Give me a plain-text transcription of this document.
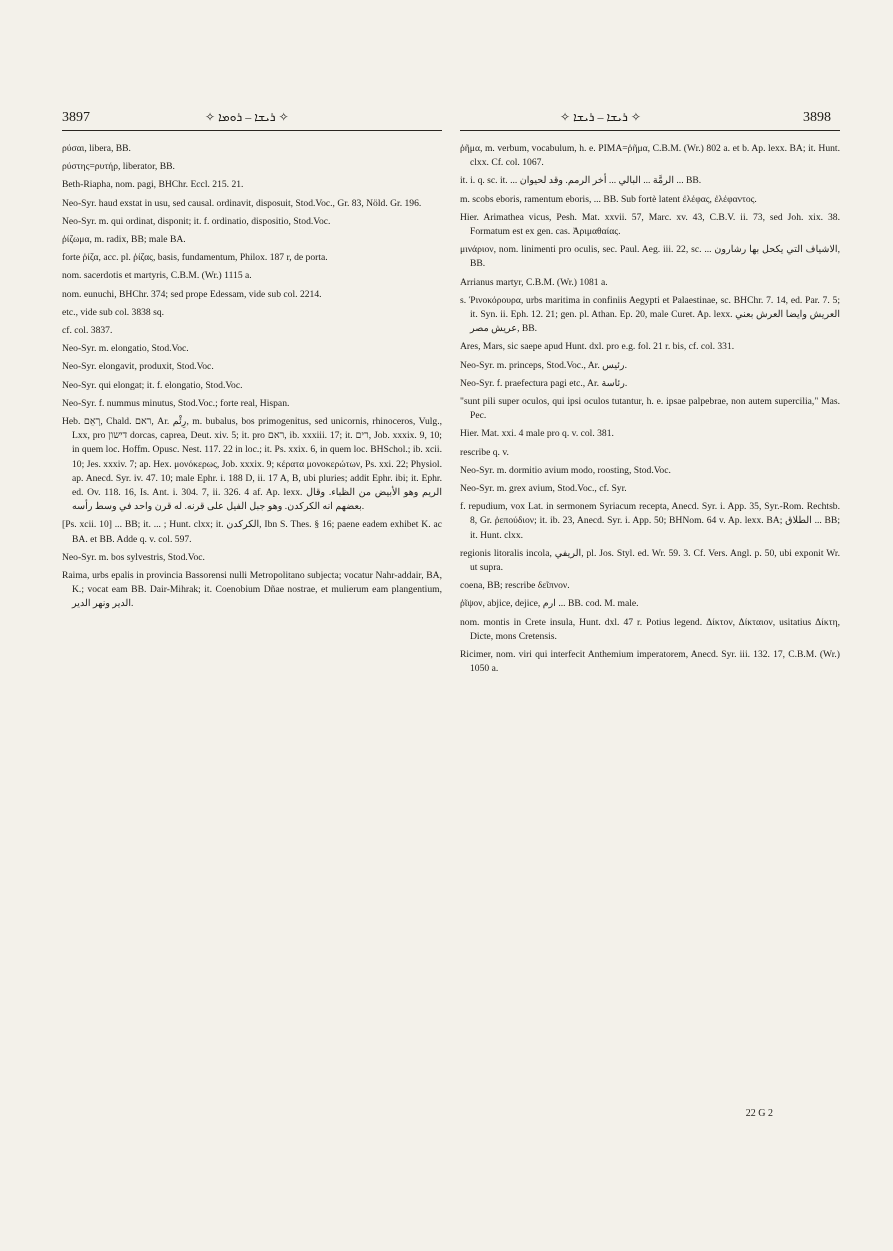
3897	✧ ܪܝܫܐ – ܪܘܡܐ ✧	✧ ܪܝܫܐ – ܪܝܫܐ ✧	3898

ρύσαι, libera, BB.

ρύστης=ρυτήρ, liberator, BB.

Beth-Riapha, nom. pagi, BHChr. Eccl. 215. 21.

Neo-Syr. haud exstat in usu, sed causal. ordinavit, disposuit, Stod.Voc., Gr. 83, Nöld. Gr. 196.

Neo-Syr. m. qui ordinat, disponit; it. f. ordinatio, dispositio, Stod.Voc.

ῥίζωμα, m. radix, BB; male BA.

forte ῥίζα, acc. pl. ῥίζας, basis, fundamentum, Philox. 187 r, de porta.

nom. sacerdotis et martyris, C.B.M. (Wr.) 1115 a.

nom. eunuchi, BHChr. 374; sed prope Edessam, vide sub col. 2214.

etc., vide sub col. 3838 sq.

cf. col. 3837.

Neo-Syr. m. elongatio, Stod.Voc.

Neo-Syr. elongavit, produxit, Stod.Voc.

Neo-Syr. qui elongat; it. f. elongatio, Stod.Voc.

Neo-Syr. f. nummus minutus, Stod.Voc.; forte real, Hispan.

Heb. רְאֵם, Chald. ראם, Ar. رِئْم, m. bubalus, bos primogenitus, sed unicornis, rhinoceros, Vulg., Lxx, pro דישון dorcas, caprea, Deut. xiv. 5; it. pro ראם, ib. xxxiii. 17; it. רים, Job. xxxix. 9, 10; in quem loc. Hoffm. Opusc. Nest. 117. 22 in loc.; it. Ps. xxix. 6, in quem loc. BHSchol.; ib. xcii. 10; Jes. xxxiv. 7; ap. Hex. μονόκερως, Job. xxxix. 9; κέρατα μονοκερώτων, Ps. xxi. 22; Physiol. ap. Anecd. Syr. iv. 47. 10; male Ephr. i. 188 D, ii. 17 A, B, ubi pluries; addit Ephr. ibi; it. Ephr. ed. Ov. 118. 16, Is. Ant. i. 304. 7, ii. 326. 4 af. Ap. lexx. الريم وهو الأبيض من الظباء. وقال بعضهم انه الكركدن. وهو جبل الفيل على قرنه. له قرن واحد في وسط رأسه.

[Ps. xcii. 10] ... BB; it. ... ; Hunt. clxx; it. الكركدن, Ibn S. Thes. § 16; paene eadem exhibet K. ac BA. et BB. Adde q. v. col. 597.

Neo-Syr. m. bos sylvestris, Stod.Voc.

Raima, urbs epalis in provincia Bassorensi nulli Metropolitano subjecta; vocatur Nahr-addair, BA, K.; vocat eam BB. Dair-Mihrak; it. Coenobium Dñae nostrae, et mulierum eam plangentium, الدير ونهر الدير.

ῥῆμα, m. verbum, vocabulum, h. e. PIMA=ῥῆμα, C.B.M. (Wr.) 802 a. et b. Ap. lexx. BA; it. Hunt. clxx. Cf. col. 1067.

it. i. q. sc. it. ... الرمَّة ... البالي ... أخر الرمم. وقد لحيوان ... BB.

m. scobs eboris, ramentum eboris, ... BB. Sub fortè latent ἐλέφας, ἐλέφαντος.

Hier. Arimathea vicus, Pesh. Mat. xxvii. 57, Marc. xv. 43, C.B.V. ii. 73, sed Joh. xix. 38. Formatum est ex gen. cas. Ἀριμαθαίας.

μινάριον, nom. linimenti pro oculis, sec. Paul. Aeg. iii. 22, sc. ... الاشياف التي يكحل بها رشارون, BB.

Arrianus martyr, C.B.M. (Wr.) 1081 a.

s. Ῥινοκόρουρα, urbs maritima in confiniis Aegypti et Palaestinae, sc. BHChr. 7. 14, ed. Par. 7. 5; it. Syn. ii. Eph. 12. 21; gen. pl. Athan. Ep. 20, male Curet. Ap. lexx. العريش وايضا العرش بعني عريش مصر, BB.

Ares, Mars, sic saepe apud Hunt. dxl. pro e.g. fol. 21 r. bis, cf. col. 331.

Neo-Syr. m. princeps, Stod.Voc., Ar. رئيس.

Neo-Syr. f. praefectura pagi etc., Ar. رئاسة.

"sunt pili super oculos, qui ipsi oculos tutantur, h. e. ipsae palpebrae, non autem supercilia," Mas. Pec.

Hier. Mat. xxi. 4 male pro q. v. col. 381.

rescribe q. v.

Neo-Syr. m. dormitio avium modo, roosting, Stod.Voc.

Neo-Syr. m. grex avium, Stod.Voc., cf. Syr.

f. repudium, vox Lat. in sermonem Syriacum recepta, Anecd. Syr. i. App. 35, Syr.-Rom. Rechtsb. 8, Gr. ῥεπούδιον; it. ib. 23, Anecd. Syr. i. App. 50; BHNom. 64 v. Ap. lexx. BA; الطلاق ... BB; it. Hunt. clxx.

regionis litoralis incola, الريفي, pl. Jos. Styl. ed. Wr. 59. 3. Cf. Vers. Angl. p. 50, ubi exponit Wr. ut supra.

coena, BB; rescribe δεῖπνον.

ῥῖψον, abjice, dejice, ارم ... BB. cod. M. male.

nom. montis in Crete insula, Hunt. dxl. 47 r. Potius legend. Δίκτον, Δίκταιον, usitatius Δίκτη, Dicte, mons Cretensis.

Ricimer, nom. viri qui interfecit Anthemium imperatorem, Anecd. Syr. iii. 132. 17, C.B.M. (Wr.) 1050 a.

22 G 2
